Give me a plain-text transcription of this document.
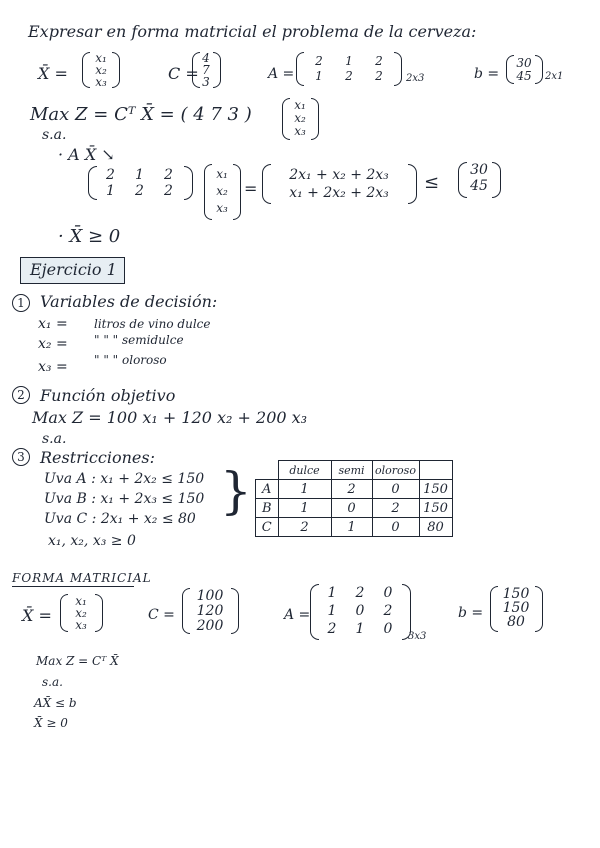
Expresar en forma matricial el problema de la cerveza:
X̄ =
x₁
x₂
x₃	C =
4
7
3	A =
2	1	2
1	2	2	2x3	b =
30
45	2x1
Max Z = Cᵀ X̄ = ( 4 7 3 )	x₁
x₂
x₃
s.a.
· A X̄ ↘
2	1	2
1	2	2
x₁
x₂
x₃
=
2x₁ + x₂ + 2x₃
x₁ + 2x₂ + 2x₃	≤
30
45
· X̄ ≥ 0
Ejercicio 1
1 Variables de decisión:
x₁ = litros de vino dulce
x₂ = " " " semidulce
x₃ = " " " oloroso
2 Función objetivo
Max Z = 100 x₁ + 120 x₂ + 200 x₃
s.a.
3 Restricciones:
Uva A : x₁ + 2x₂ ≤ 150
Uva B : x₁ + 2x₃ ≤ 150
Uva C : 2x₁ + x₂ ≤ 80
x₁, x₂, x₃ ≥ 0
}
		dulce	semi	oloroso	
A	1	2	0	150
B	1	0	2	150
C	2	1	0	80
FORMA MATRICIAL
X̄ =
x₁
x₂
x₃
C =
100
120
200
A =
1	2	0
1	0	2
2	1	0	3x3
b =
150
150
80
Max Z = Cᵀ X̄
s.a.
AX̄ ≤ b
X̄ ≥ 0
